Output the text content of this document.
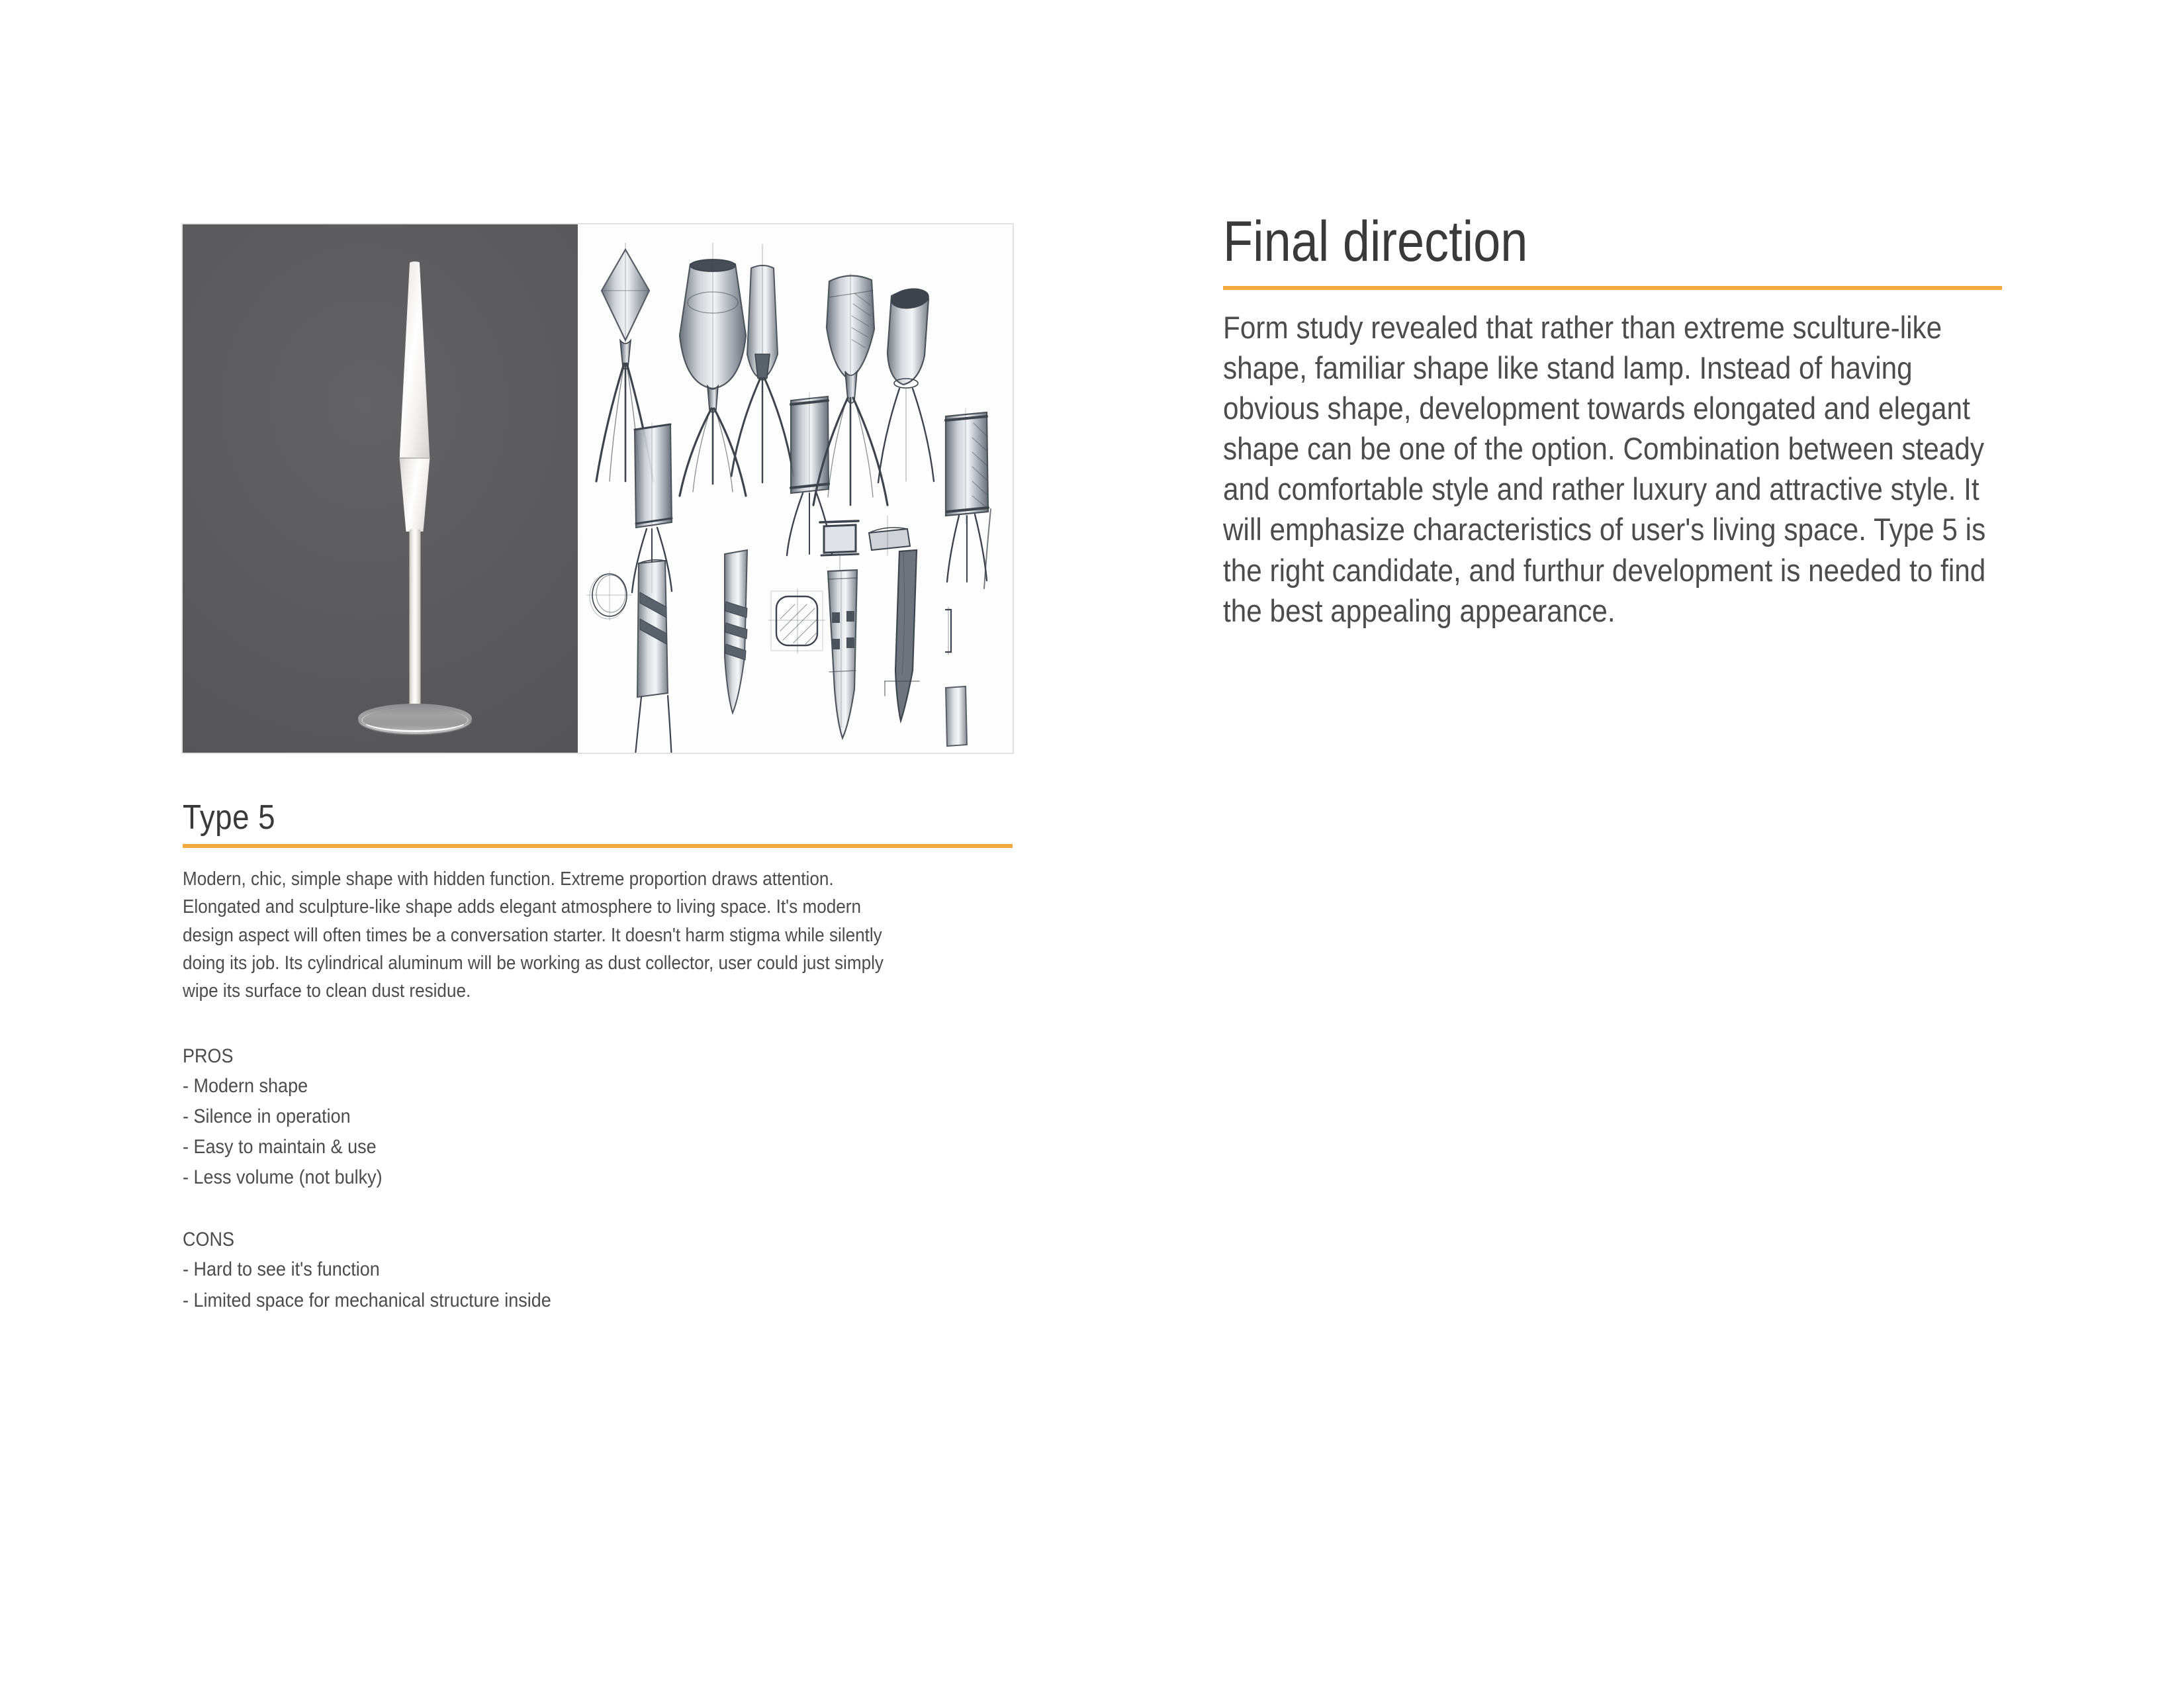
Type 5

Modern, chic, simple shape with hidden function. Extreme proportion draws attention. Elongated and sculpture-like shape adds elegant atmosphere to living space. It's modern design aspect will often times be a conversation starter. It doesn't harm stigma while silently doing its job. Its cylindrical aluminum will be working as dust collector, user could just simply wipe its surface to clean dust residue.

PROS
- Modern shape
- Silence in operation
- Easy to maintain & use
- Less volume (not bulky)
CONS
- Hard to see it's function
- Limited space for mechanical structure inside
Final direction

Form study revealed that rather than extreme sculture-like shape, familiar shape like stand lamp. Instead of having obvious shape, development towards elongated and elegant shape can be one of the option. Combination between steady and comfortable style and rather luxury and attractive style. It will emphasize characteristics of user's living space. Type 5 is the right candidate, and furthur development is needed to find the best appealing appearance.
